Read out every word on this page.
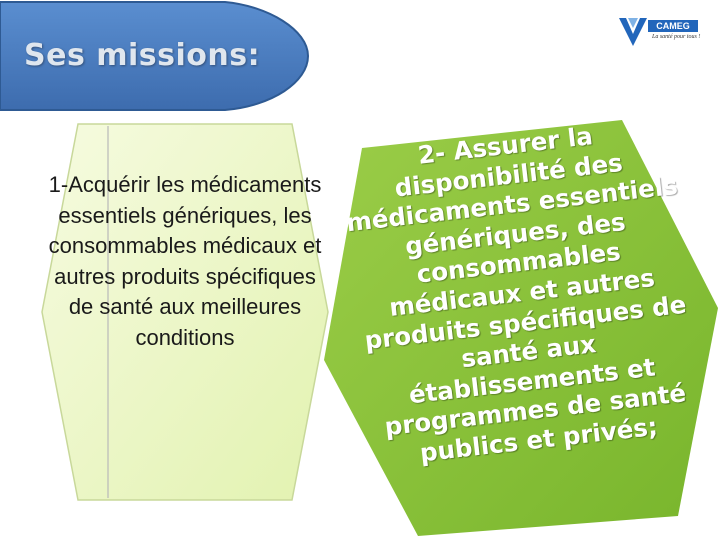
Ses missions:
CAMEG
La santé pour tous !
1-Acquérir les médicaments essentiels génériques, les consommables médicaux et autres produits spécifiques de santé aux meilleures conditions
2- Assurer la disponibilité des médicaments essentiels génériques, des consommables médicaux et autres produits spécifiques de santé aux établissements et programmes de santé publics et privés;
